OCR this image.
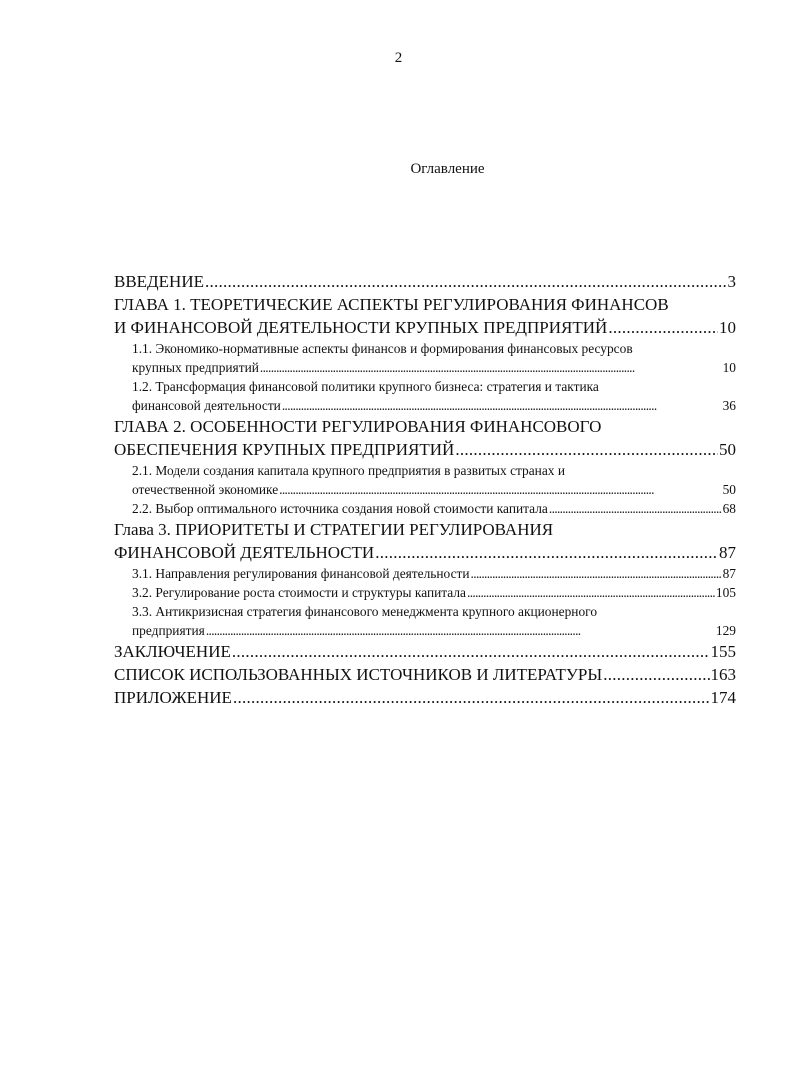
2
Оглавление
ВВЕДЕНИЕ . . .	3
ГЛАВА 1. ТЕОРЕТИЧЕСКИЕ АСПЕКТЫ РЕГУЛИРОВАНИЯ ФИНАНСОВ
И ФИНАНСОВОЙ ДЕЯТЕЛЬНОСТИ КРУПНЫХ ПРЕДПРИЯТИЙ . . .	10
1.1. Экономико-нормативные аспекты финансов и формирования финансовых ресурсов
крупных предприятий . . .	10
1.2. Трансформация финансовой политики крупного бизнеса: стратегия и тактика
финансовой деятельности . . .	36
ГЛАВА 2. ОСОБЕННОСТИ РЕГУЛИРОВАНИЯ ФИНАНСОВОГО
ОБЕСПЕЧЕНИЯ КРУПНЫХ ПРЕДПРИЯТИЙ . . .	50
2.1. Модели создания капитала крупного предприятия в развитых странах и
отечественной экономике . . .	50
2.2. Выбор оптимального источника создания новой стоимости капитала . . .	68
Глава 3. ПРИОРИТЕТЫ И СТРАТЕГИИ РЕГУЛИРОВАНИЯ
ФИНАНСОВОЙ ДЕЯТЕЛЬНОСТИ . . .	87
3.1. Направления регулирования финансовой деятельности . . .	87
3.2. Регулирование роста стоимости и структуры капитала . . .	105
3.3. Антикризисная стратегия финансового менеджмента крупного акционерного
предприятия . . .	129
ЗАКЛЮЧЕНИЕ . . .	155
СПИСОК ИСПОЛЬЗОВАННЫХ ИСТОЧНИКОВ И ЛИТЕРАТУРЫ . . .	163
ПРИЛОЖЕНИЕ . . .	174
